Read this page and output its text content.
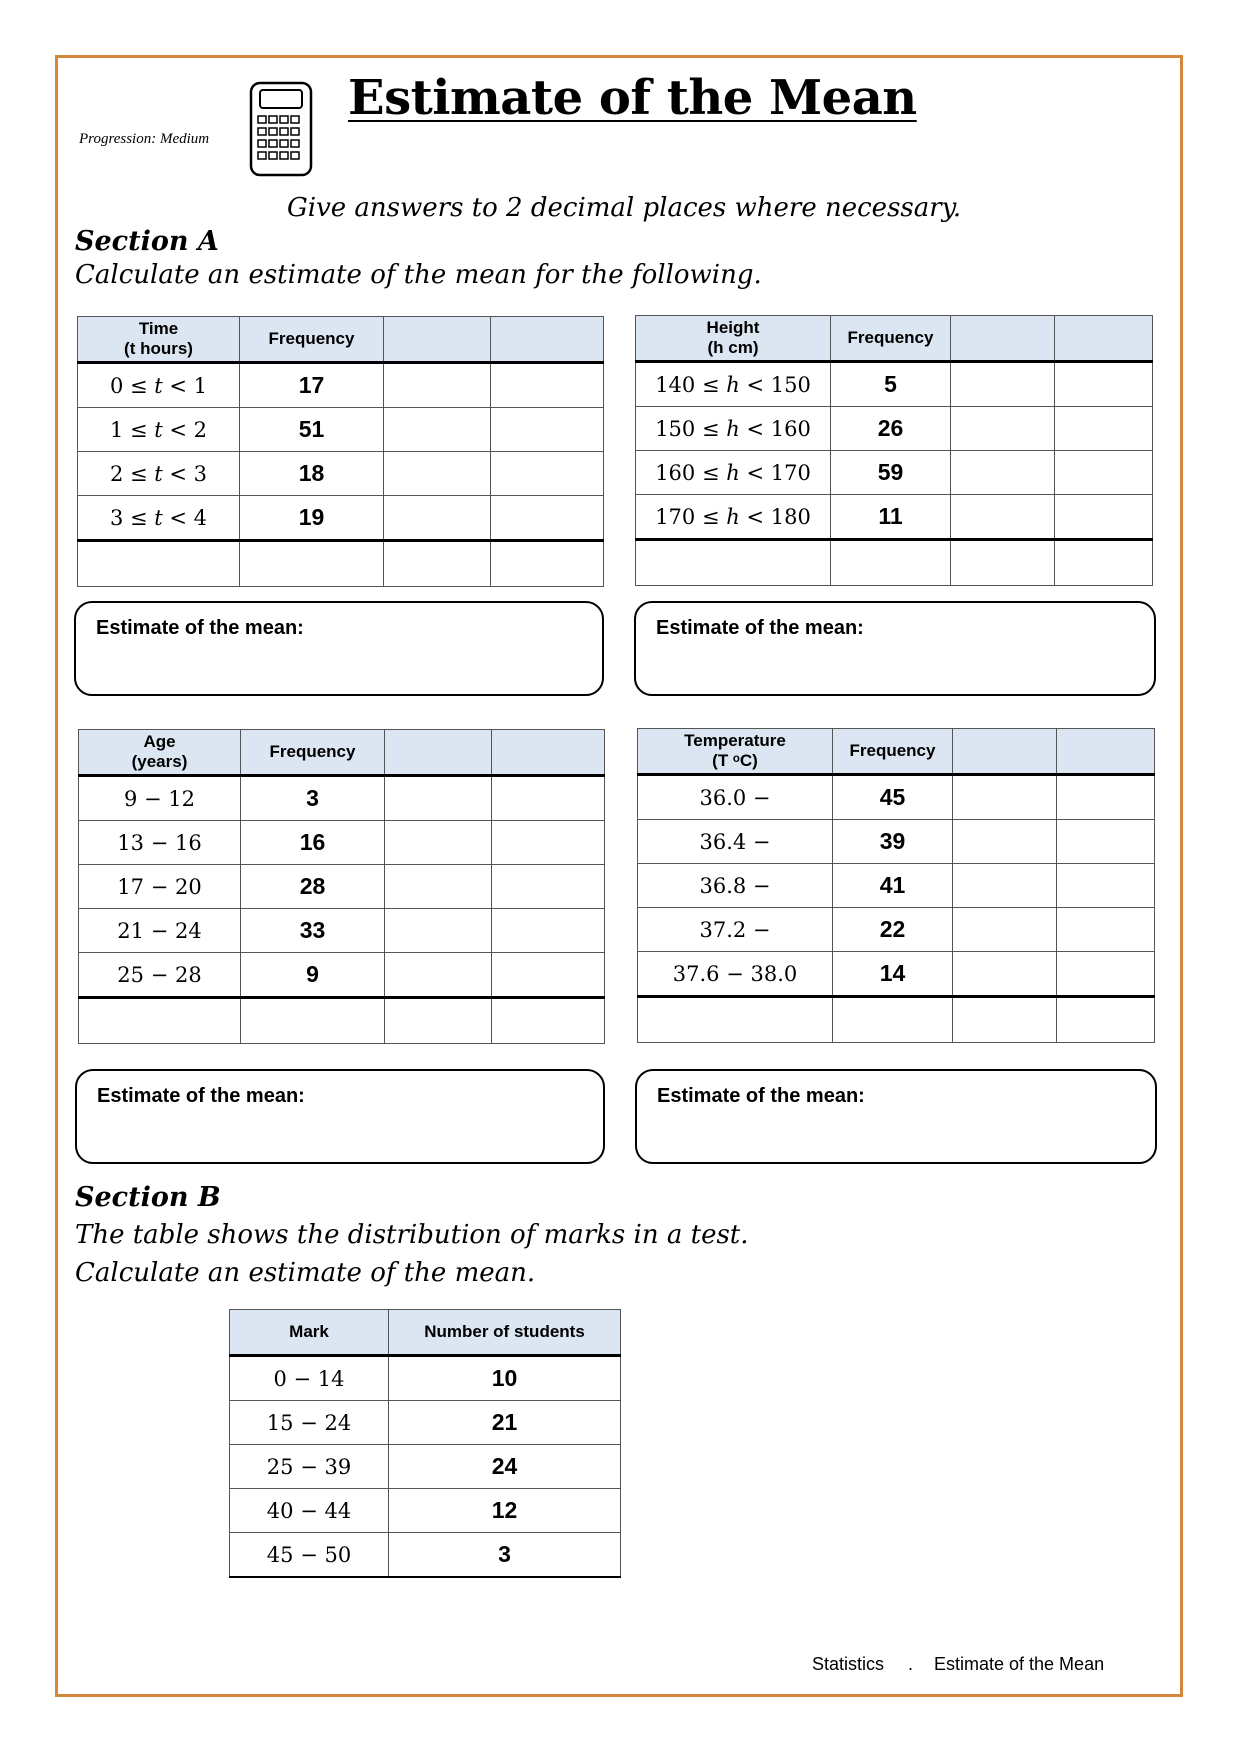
Progression: Medium
Estimate of the Mean
Give answers to 2 decimal places where necessary.
Section A
Calculate an estimate of the mean for the following.
Time
(t hours)	Frequency		
0 ≤ t < 1	17		
1 ≤ t < 2	51		
2 ≤ t < 3	18		
3 ≤ t < 4	19		

Height
(h cm)	Frequency		
140 ≤ h < 150	5		
150 ≤ h < 160	26		
160 ≤ h < 170	59		
170 ≤ h < 180	11		

Estimate of the mean:	Estimate of the mean:
Age
(years)	Frequency		
9 − 12	3		
13 − 16	16		
17 − 20	28		
21 − 24	33		
25 − 28	9		

Temperature
(T ᵒC)	Frequency		
36.0 −	45		
36.4 −	39		
36.8 −	41		
37.2 −	22		
37.6 − 38.0	14		

Estimate of the mean:	Estimate of the mean:
Section B
The table shows the distribution of marks in a test.
Calculate an estimate of the mean.
Mark	Number of students
0 − 14	10
15 − 24	21
25 − 39	24
40 − 44	12
45 − 50	3
Statistics . Estimate of the Mean
